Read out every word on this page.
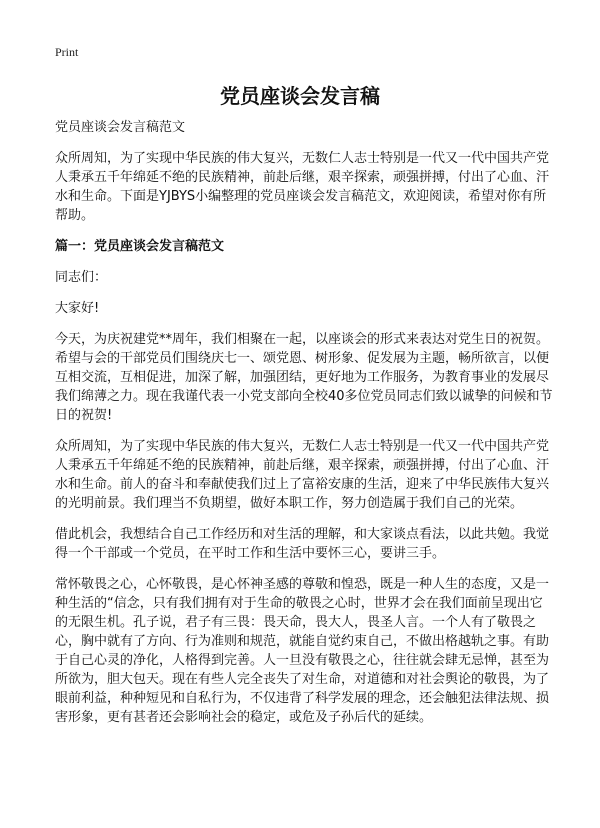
Print
党员座谈会发言稿

党员座谈会发言稿范文

众所周知，为了实现中华民族的伟大复兴，无数仁人志士特别是一代又一代中国共产党人秉承五千年绵延不绝的民族精神，前赴后继，艰辛探索，顽强拼搏，付出了心血、汗水和生命。下面是YJBYS小编整理的党员座谈会发言稿范文，欢迎阅读，希望对你有所帮助。

篇一：党员座谈会发言稿范文

同志们：

大家好!

今天，为庆祝建党**周年，我们相聚在一起，以座谈会的形式来表达对党生日的祝贺。希望与会的干部党员们围绕庆七一、颂党恩、树形象、促发展为主题，畅所欲言，以便互相交流，互相促进，加深了解，加强团结，更好地为工作服务，为教育事业的发展尽我们绵薄之力。现在我谨代表一小党支部向全校40多位党员同志们致以诚挚的问候和节日的祝贺!

众所周知，为了实现中华民族的伟大复兴，无数仁人志士特别是一代又一代中国共产党人秉承五千年绵延不绝的民族精神，前赴后继，艰辛探索，顽强拼搏，付出了心血、汗水和生命。前人的奋斗和奉献使我们过上了富裕安康的生活，迎来了中华民族伟大复兴的光明前景。我们理当不负期望，做好本职工作，努力创造属于我们自己的光荣。

借此机会，我想结合自己工作经历和对生活的理解，和大家谈点看法，以此共勉。我觉得一个干部或一个党员，在平时工作和生活中要怀三心，要讲三手。

常怀敬畏之心，心怀敬畏，是心怀神圣感的尊敬和惶恐，既是一种人生的态度，又是一种生活的“信念，只有我们拥有对于生命的敬畏之心时，世界才会在我们面前呈现出它的无限生机。孔子说，君子有三畏：畏天命，畏大人，畏圣人言。一个人有了敬畏之心，胸中就有了方向、行为准则和规范，就能自觉约束自己，不做出格越轨之事。有助于自己心灵的净化，人格得到完善。人一旦没有敬畏之心，往往就会肆无忌惮，甚至为所欲为，胆大包天。现在有些人完全丧失了对生命，对道德和对社会舆论的敬畏，为了眼前利益，种种短见和自私行为，不仅违背了科学发展的理念，还会触犯法律法规、损害形象，更有甚者还会影响社会的稳定，或危及子孙后代的延续。
